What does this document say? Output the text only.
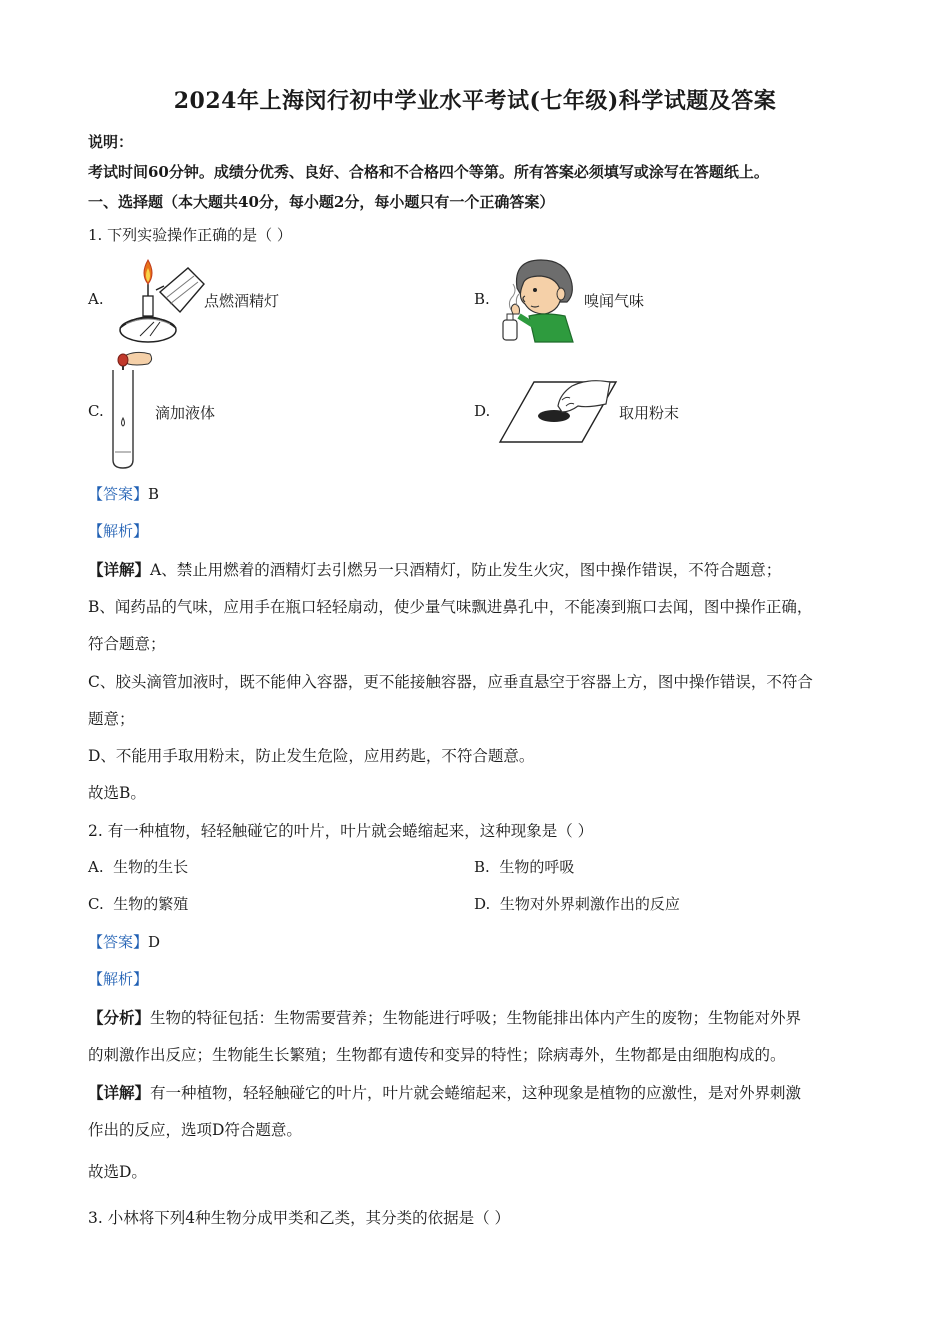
2024年上海闵行初中学业水平考试(七年级)科学试题及答案
说明：
考试时间60分钟。成绩分优秀、良好、合格和不合格四个等第。所有答案必须填写或涂写在答题纸上。
一、选择题（本大题共40分，每小题2分，每小题只有一个正确答案）
1. 下列实验操作正确的是（ ）
A.	点燃酒精灯	B.	嗅闻气味
C.	滴加液体	D.	取用粉末
【答案】B
【解析】
【详解】A、禁止用燃着的酒精灯去引燃另一只酒精灯，防止发生火灾，图中操作错误，不符合题意；
B、闻药品的气味，应用手在瓶口轻轻扇动，使少量气味飘进鼻孔中，不能凑到瓶口去闻，图中操作正确，
符合题意；
C、胶头滴管加液时，既不能伸入容器，更不能接触容器，应垂直悬空于容器上方，图中操作错误，不符合
题意；
D、不能用手取用粉末，防止发生危险，应用药匙，不符合题意。
故选B。
2. 有一种植物，轻轻触碰它的叶片，叶片就会蜷缩起来，这种现象是（ ）
A. 生物的生长	B. 生物的呼吸
C. 生物的繁殖	D. 生物对外界刺激作出的反应
【答案】D
【解析】
【分析】生物的特征包括：生物需要营养；生物能进行呼吸；生物能排出体内产生的废物；生物能对外界
的刺激作出反应；生物能生长繁殖；生物都有遗传和变异的特性；除病毒外，生物都是由细胞构成的。
【详解】有一种植物，轻轻触碰它的叶片，叶片就会蜷缩起来，这种现象是植物的应激性，是对外界刺激
作出的反应，选项D符合题意。
故选D。
3. 小林将下列4种生物分成甲类和乙类，其分类的依据是（ ）
